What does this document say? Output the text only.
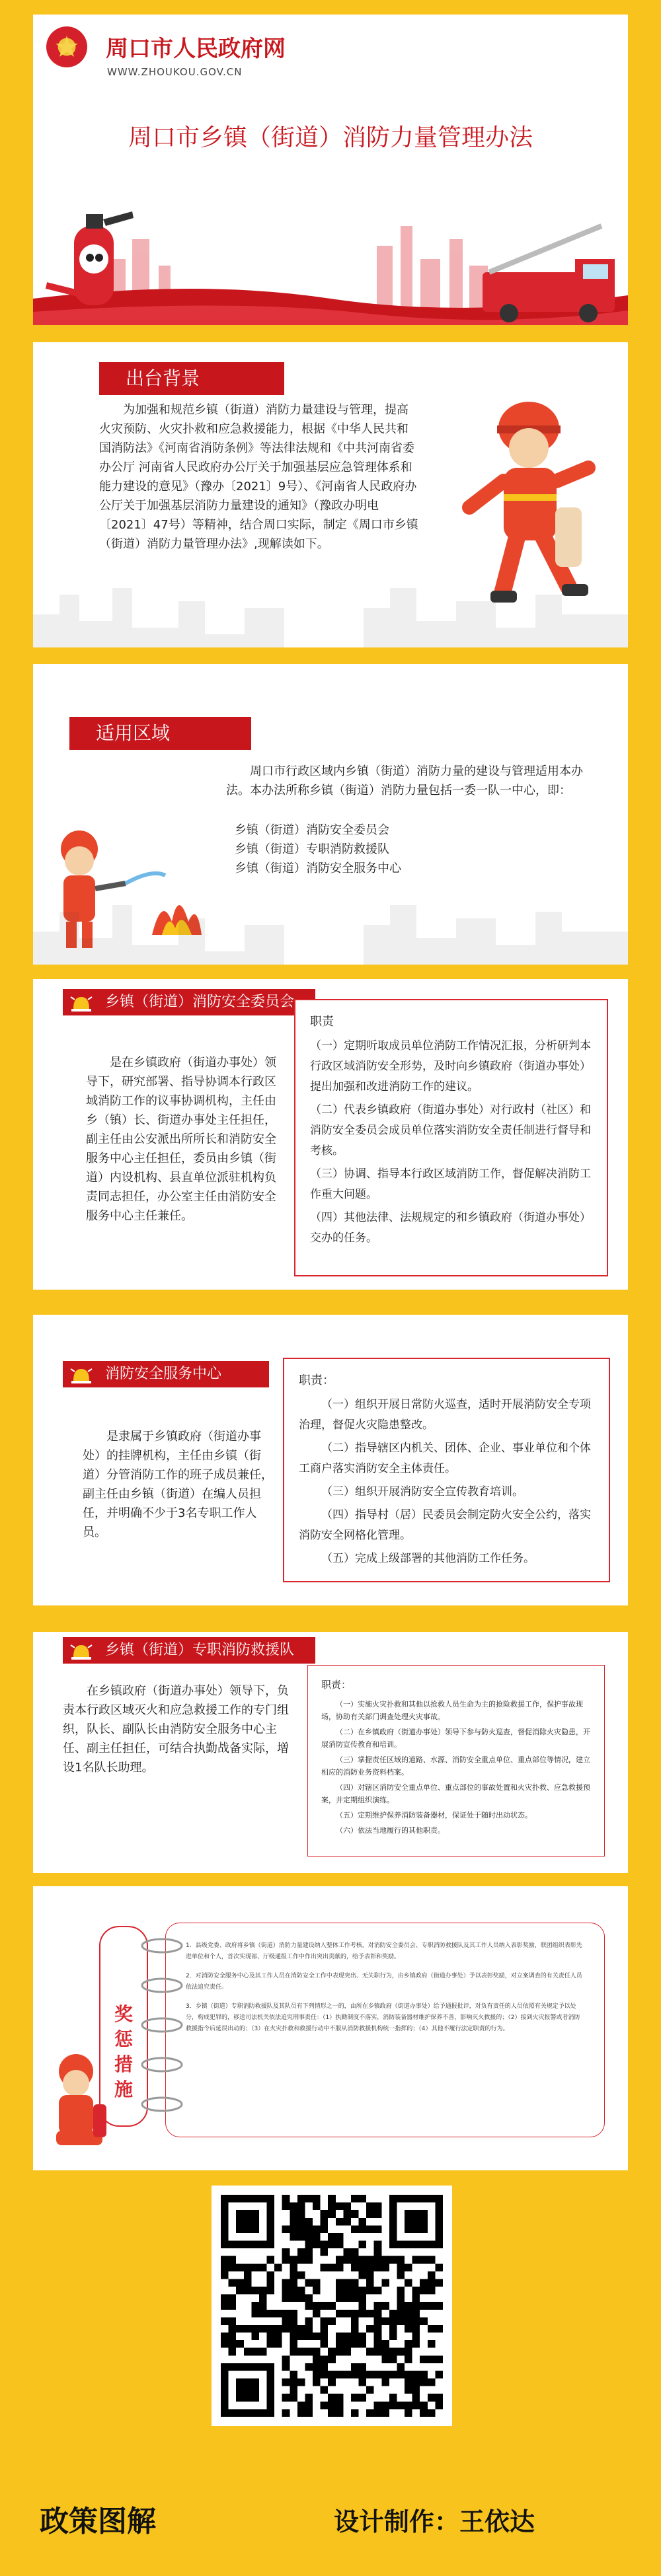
周口市人民政府网
WWW.ZHOUKOU.GOV.CN
周口市乡镇（街道）消防力量管理办法
出台背景

为加强和规范乡镇（街道）消防力量建设与管理，提高火灾预防、火灾扑救和应急救援能力，根据《中华人民共和国消防法》《河南省消防条例》等法律法规和《中共河南省委办公厅 河南省人民政府办公厅关于加强基层应急管理体系和能力建设的意见》（豫办〔2021〕9号）、《河南省人民政府办公厅关于加强基层消防力量建设的通知》（豫政办明电〔2021〕47号）等精神，结合周口实际，制定《周口市乡镇（街道）消防力量管理办法》,现解读如下。

适用区域

周口市行政区域内乡镇（街道）消防力量的建设与管理适用本办法。本办法所称乡镇（街道）消防力量包括一委一队一中心，即：

乡镇（街道）消防安全委员会

乡镇（街道）专职消防救援队

乡镇（街道）消防安全服务中心

乡镇（街道）消防安全委员会

是在乡镇政府（街道办事处）领导下，研究部署、指导协调本行政区域消防工作的议事协调机构，主任由乡（镇）长、街道办事处主任担任，副主任由公安派出所所长和消防安全服务中心主任担任，委员由乡镇（街道）内设机构、县直单位派驻机构负责同志担任，办公室主任由消防安全服务中心主任兼任。

职责

（一）定期听取成员单位消防工作情况汇报，分析研判本行政区域消防安全形势，及时向乡镇政府（街道办事处）提出加强和改进消防工作的建议。

（二）代表乡镇政府（街道办事处）对行政村（社区）和消防安全委员会成员单位落实消防安全责任制进行督导和考核。

（三）协调、指导本行政区域消防工作，督促解决消防工作重大问题。

（四）其他法律、法规规定的和乡镇政府（街道办事处）交办的任务。

消防安全服务中心

是隶属于乡镇政府（街道办事处）的挂牌机构，主任由乡镇（街道）分管消防工作的班子成员兼任，副主任由乡镇（街道）在编人员担任，并明确不少于3名专职工作人员。

职责：

（一）组织开展日常防火巡查，适时开展消防安全专项治理，督促火灾隐患整改。

（二）指导辖区内机关、团体、企业、事业单位和个体工商户落实消防安全主体责任。

（三）组织开展消防安全宣传教育培训。

（四）指导村（居）民委员会制定防火安全公约，落实消防安全网格化管理。

（五）完成上级部署的其他消防工作任务。

乡镇（街道）专职消防救援队

在乡镇政府（街道办事处）领导下，负责本行政区域灭火和应急救援工作的专门组织，队长、副队长由消防安全服务中心主任、副主任担任，可结合执勤战备实际，增设1名队长助理。

职责：

（一）实施火灾扑救和其他以抢救人员生命为主的抢险救援工作，保护事故现场，协助有关部门调查处理火灾事故。

（二）在乡镇政府（街道办事处）领导下参与防火巡查，督促消除火灾隐患，开展消防宣传教育和培训。

（三）掌握责任区域的道路、水源、消防安全重点单位、重点部位等情况，建立相应的消防业务资料档案。

（四）对辖区消防安全重点单位、重点部位的事故处置和火灾扑救、应急救援预案，并定期组织演练。

（五）定期维护保养消防装备器材，保证处于随时出动状态。

（六）依法当地履行的其他职责。

奖
惩
措
施

1．县级党委、政府将乡镇（街道）消防力量建设纳入整体工作考核，对消防安全委员会、专职消防救援队及其工作人员纳入表彰奖励，联团组织表彰先进单位和个人，首次实现部、厅级通报工作中作出突出贡献的，给予表彰和奖励。

2．对消防安全服务中心及其工作人员在消防安全工作中表现突出、无失职行为，由乡镇政府（街道办事处）予以表彰奖励，对立案调查的有关责任人员依法追究责任。

3．乡镇（街道）专职消防救援队及其队员有下列情形之一的，由所在乡镇政府（街道办事处）给予通报批评，对负有责任的人员依照有关规定予以处分，构成犯罪的，移送司法机关依法追究刑事责任：（1）执勤制度不落实，消防装备器材维护保养不善，影响灭火救援的；（2）接到火灾报警或者消防救援指令后延误出动的；（3）在火灾扑救和救援行动中不服从消防救援机构统一指挥的；（4）其他不履行法定职责的行为。

政策图解	设计制作：王依达
